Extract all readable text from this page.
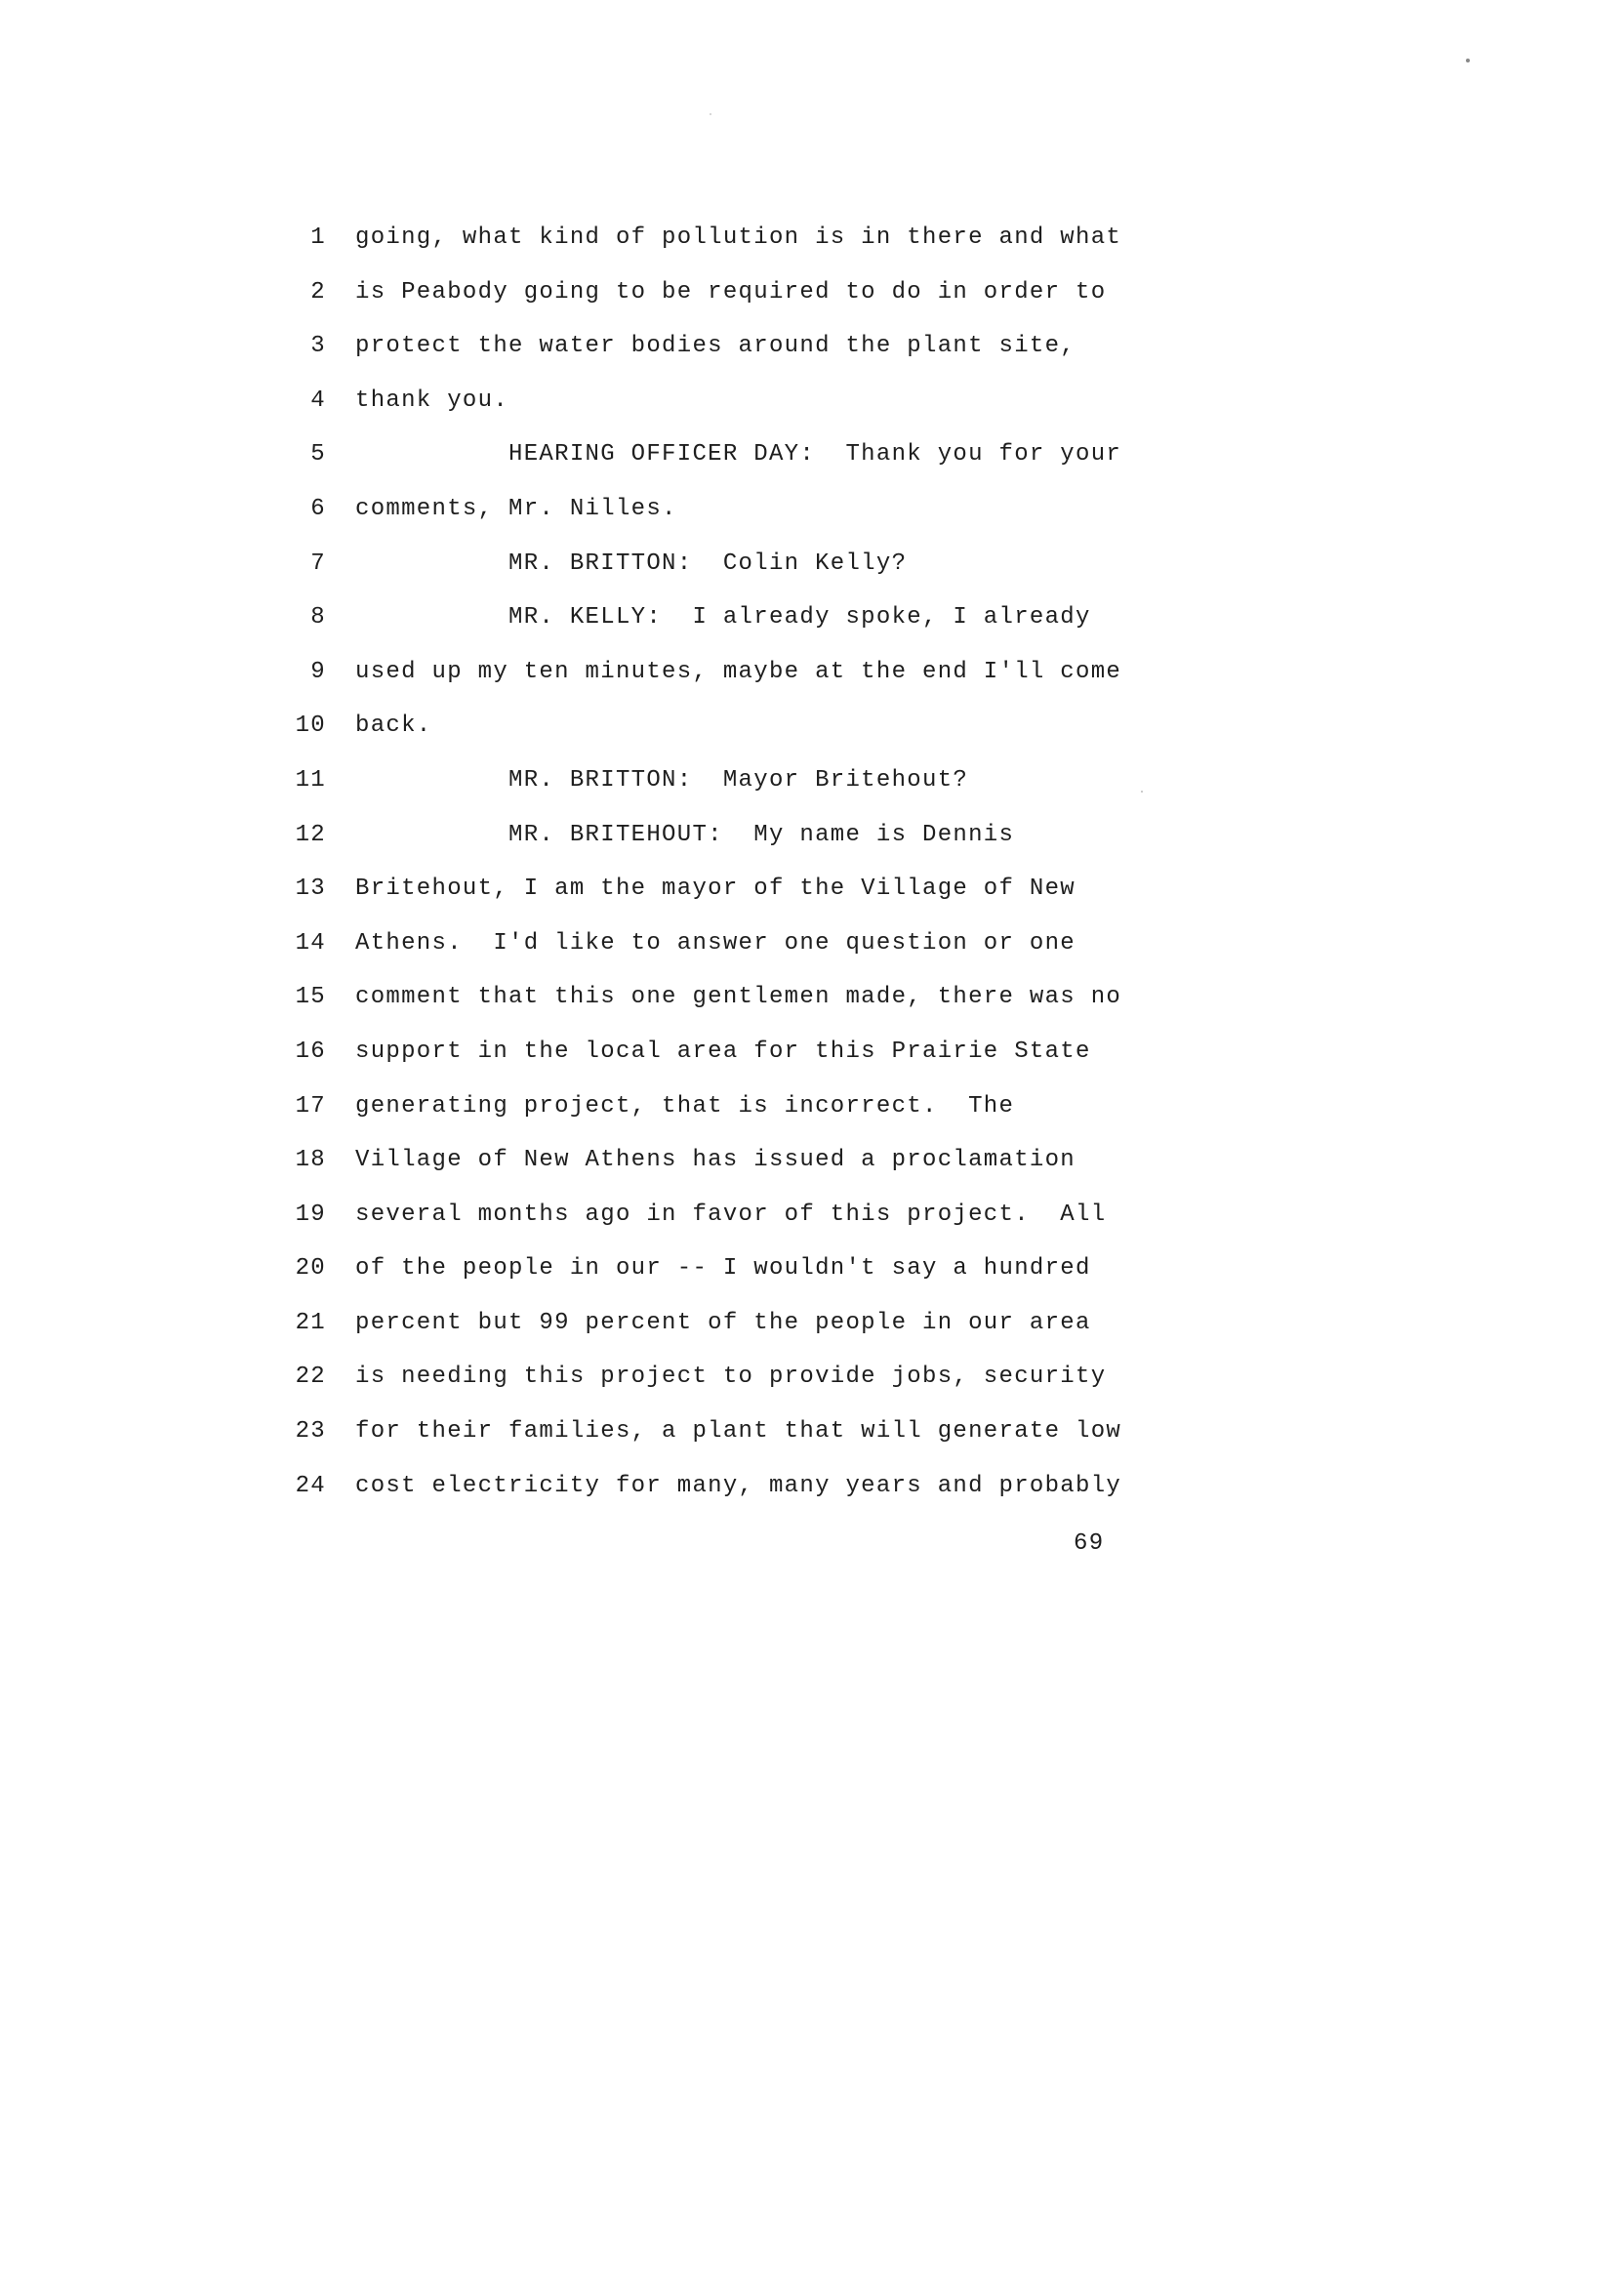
1 going, what kind of pollution is in there and what
2 is Peabody going to be required to do in order to
3 protect the water bodies around the plant site,
4 thank you.
5 HEARING OFFICER DAY:  Thank you for your
6 comments, Mr. Nilles.
7 MR. BRITTON:  Colin Kelly?
8 MR. KELLY:  I already spoke, I already
9 used up my ten minutes, maybe at the end I'll come
10 back.
11 MR. BRITTON:  Mayor Britehout?
12 MR. BRITEHOUT:  My name is Dennis
13 Britehout, I am the mayor of the Village of New
14 Athens.  I'd like to answer one question or one
15 comment that this one gentlemen made, there was no
16 support in the local area for this Prairie State
17 generating project, that is incorrect.  The
18 Village of New Athens has issued a proclamation
19 several months ago in favor of this project.  All
20 of the people in our -- I wouldn't say a hundred
21 percent but 99 percent of the people in our area
22 is needing this project to provide jobs, security
23 for their families, a plant that will generate low
24 cost electricity for many, many years and probably
69
